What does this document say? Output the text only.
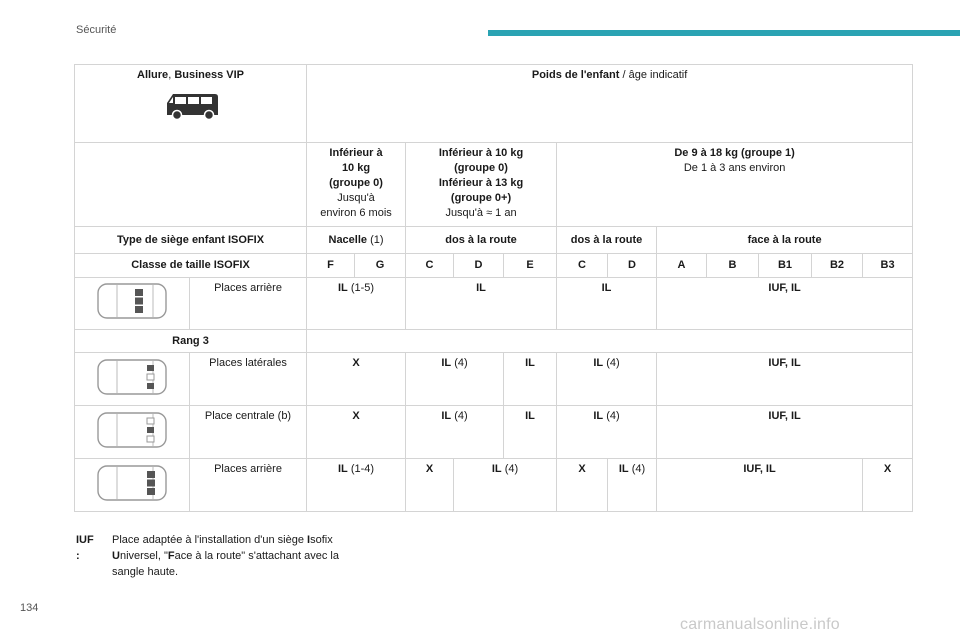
Sécurité
Allure, Business VIP		Poids de l'enfant / âge indicatif											
		Inférieur à
10 kg
(groupe 0)
Jusqu'à
environ 6 mois		Inférieur à 10 kg
(groupe 0)
Inférieur à 13 kg
(groupe 0+)
Jusqu'à ≈ 1 an			De 9 à 18 kg (groupe 1)
De 1 à 3 ans environ						
Type de siège enfant ISOFIX		Nacelle (1)		dos à la route			dos à la route		face à la route				
Classe de taille ISOFIX		F	G	C	D	E	C	D	A	B	B1	B2	B3
	Places arrière	IL (1-5)		IL			IL		IUF, IL				
Rang 3													
	Places latérales	X		IL (4)		IL	IL (4)		IUF, IL				
	Place centrale (b)	X		IL (4)		IL	IL (4)		IUF, IL				
	Places arrière	IL (1-4)		X	IL (4)		X	IL (4)	IUF, IL				X
IUF :
Place adaptée à l'installation d'un siège Isofix Universel, "Face à la route" s'attachant avec la sangle haute.
134
carmanualsonline.info
